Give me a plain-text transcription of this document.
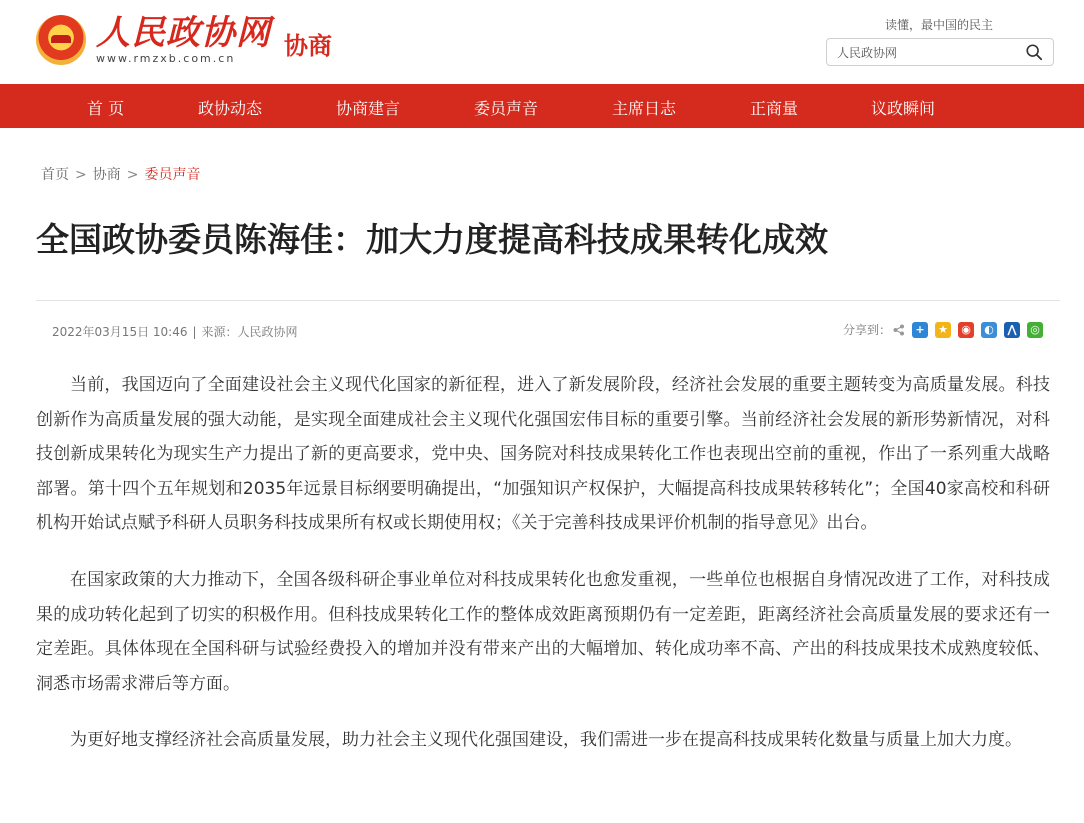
人民政协网
www.rmzxb.com.cn	协商
读懂，最中国的民主
人民政协网
首 页	政协动态	协商建言	委员声音	主席日志	正商量	议政瞬间
首页 > 协商 > 委员声音
全国政协委员陈海佳：加大力度提高科技成果转化成效
2022年03月15日 10:46 | 来源：人民政协网	分享到：	+	★ ◉ ◐	⋀	◎

当前，我国迈向了全面建设社会主义现代化国家的新征程，进入了新发展阶段，经济社会发展的重要主题转变为高质量发展。科技创新作为高质量发展的强大动能，是实现全面建成社会主义现代化强国宏伟目标的重要引擎。当前经济社会发展的新形势新情况，对科技创新成果转化为现实生产力提出了新的更高要求，党中央、国务院对科技成果转化工作也表现出空前的重视，作出了一系列重大战略部署。第十四个五年规划和2035年远景目标纲要明确提出，“加强知识产权保护，大幅提高科技成果转移转化”；全国40家高校和科研机构开始试点赋予科研人员职务科技成果所有权或长期使用权；《关于完善科技成果评价机制的指导意见》出台。

在国家政策的大力推动下，全国各级科研企事业单位对科技成果转化也愈发重视，一些单位也根据自身情况改进了工作，对科技成果的成功转化起到了切实的积极作用。但科技成果转化工作的整体成效距离预期仍有一定差距，距离经济社会高质量发展的要求还有一定差距。具体体现在全国科研与试验经费投入的增加并没有带来产出的大幅增加、转化成功率不高、产出的科技成果技术成熟度较低、洞悉市场需求滞后等方面。

为更好地支撑经济社会高质量发展，助力社会主义现代化强国建设，我们需进一步在提高科技成果转化数量与质量上加大力度。
